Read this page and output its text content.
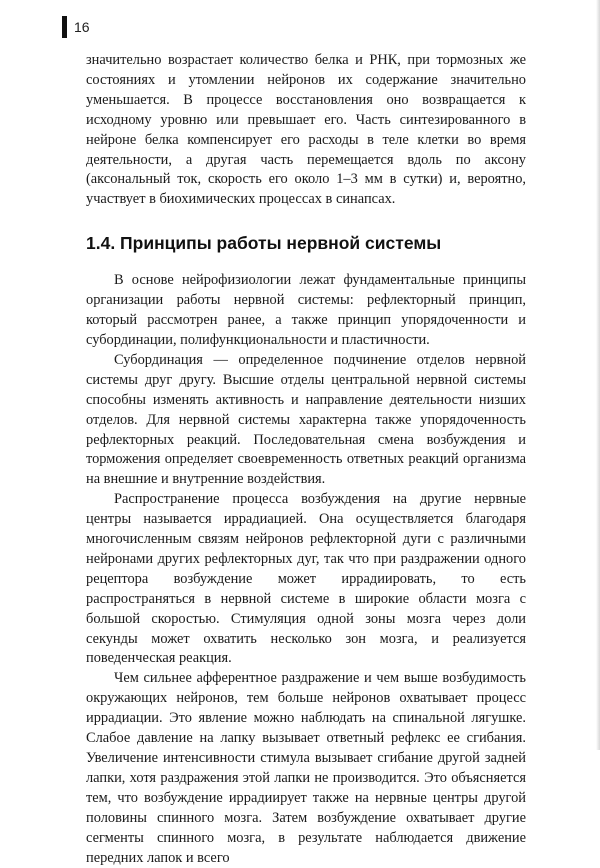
16

значительно возрастает количество белка и РНК, при тормозных же состояниях и утомлении нейронов их содержание значительно уменьшается. В процессе восстановления оно возвращается к исходному уровню или превышает его. Часть синтезированного в нейроне белка компенсирует его расходы в теле клетки во время деятельности, а другая часть перемещается вдоль по аксону (аксональный ток, скорость его около 1–3 мм в сутки) и, вероятно, участвует в биохимических процессах в синапсах.

1.4. Принципы работы нервной системы

В основе нейрофизиологии лежат фундаментальные принципы организации работы нервной системы: рефлекторный принцип, который рассмотрен ранее, а также принцип упорядоченности и субординации, полифункциональности и пластичности.

Субординация — определенное подчинение отделов нервной системы друг другу. Высшие отделы центральной нервной системы способны изменять активность и направление деятельности низших отделов. Для нервной системы характерна также упорядоченность рефлекторных реакций. Последовательная смена возбуждения и торможения определяет своевременность ответных реакций организма на внешние и внутренние воздействия.

Распространение процесса возбуждения на другие нервные центры называется иррадиацией. Она осуществляется благодаря многочисленным связям нейронов рефлекторной дуги с различными нейронами других рефлекторных дуг, так что при раздражении одного рецептора возбуждение может иррадиировать, то есть распространяться в нервной системе в широкие области мозга с большой скоростью. Стимуляция одной зоны мозга через доли секунды может охватить несколько зон мозга, и реализуется поведенческая реакция.

Чем сильнее афферентное раздражение и чем выше возбудимость окружающих нейронов, тем больше нейронов охватывает процесс иррадиации. Это явление можно наблюдать на спинальной лягушке. Слабое давление на лапку вызывает ответный рефлекс ее сгибания. Увеличение интенсивности стимула вызывает сгибание другой задней лапки, хотя раздражения этой лапки не производится. Это объясняется тем, что возбуждение иррадиирует также на нервные центры другой половины спинного мозга. Затем возбуждение охватывает другие сегменты спинного мозга, в результате наблюдается движение передних лапок и всего
